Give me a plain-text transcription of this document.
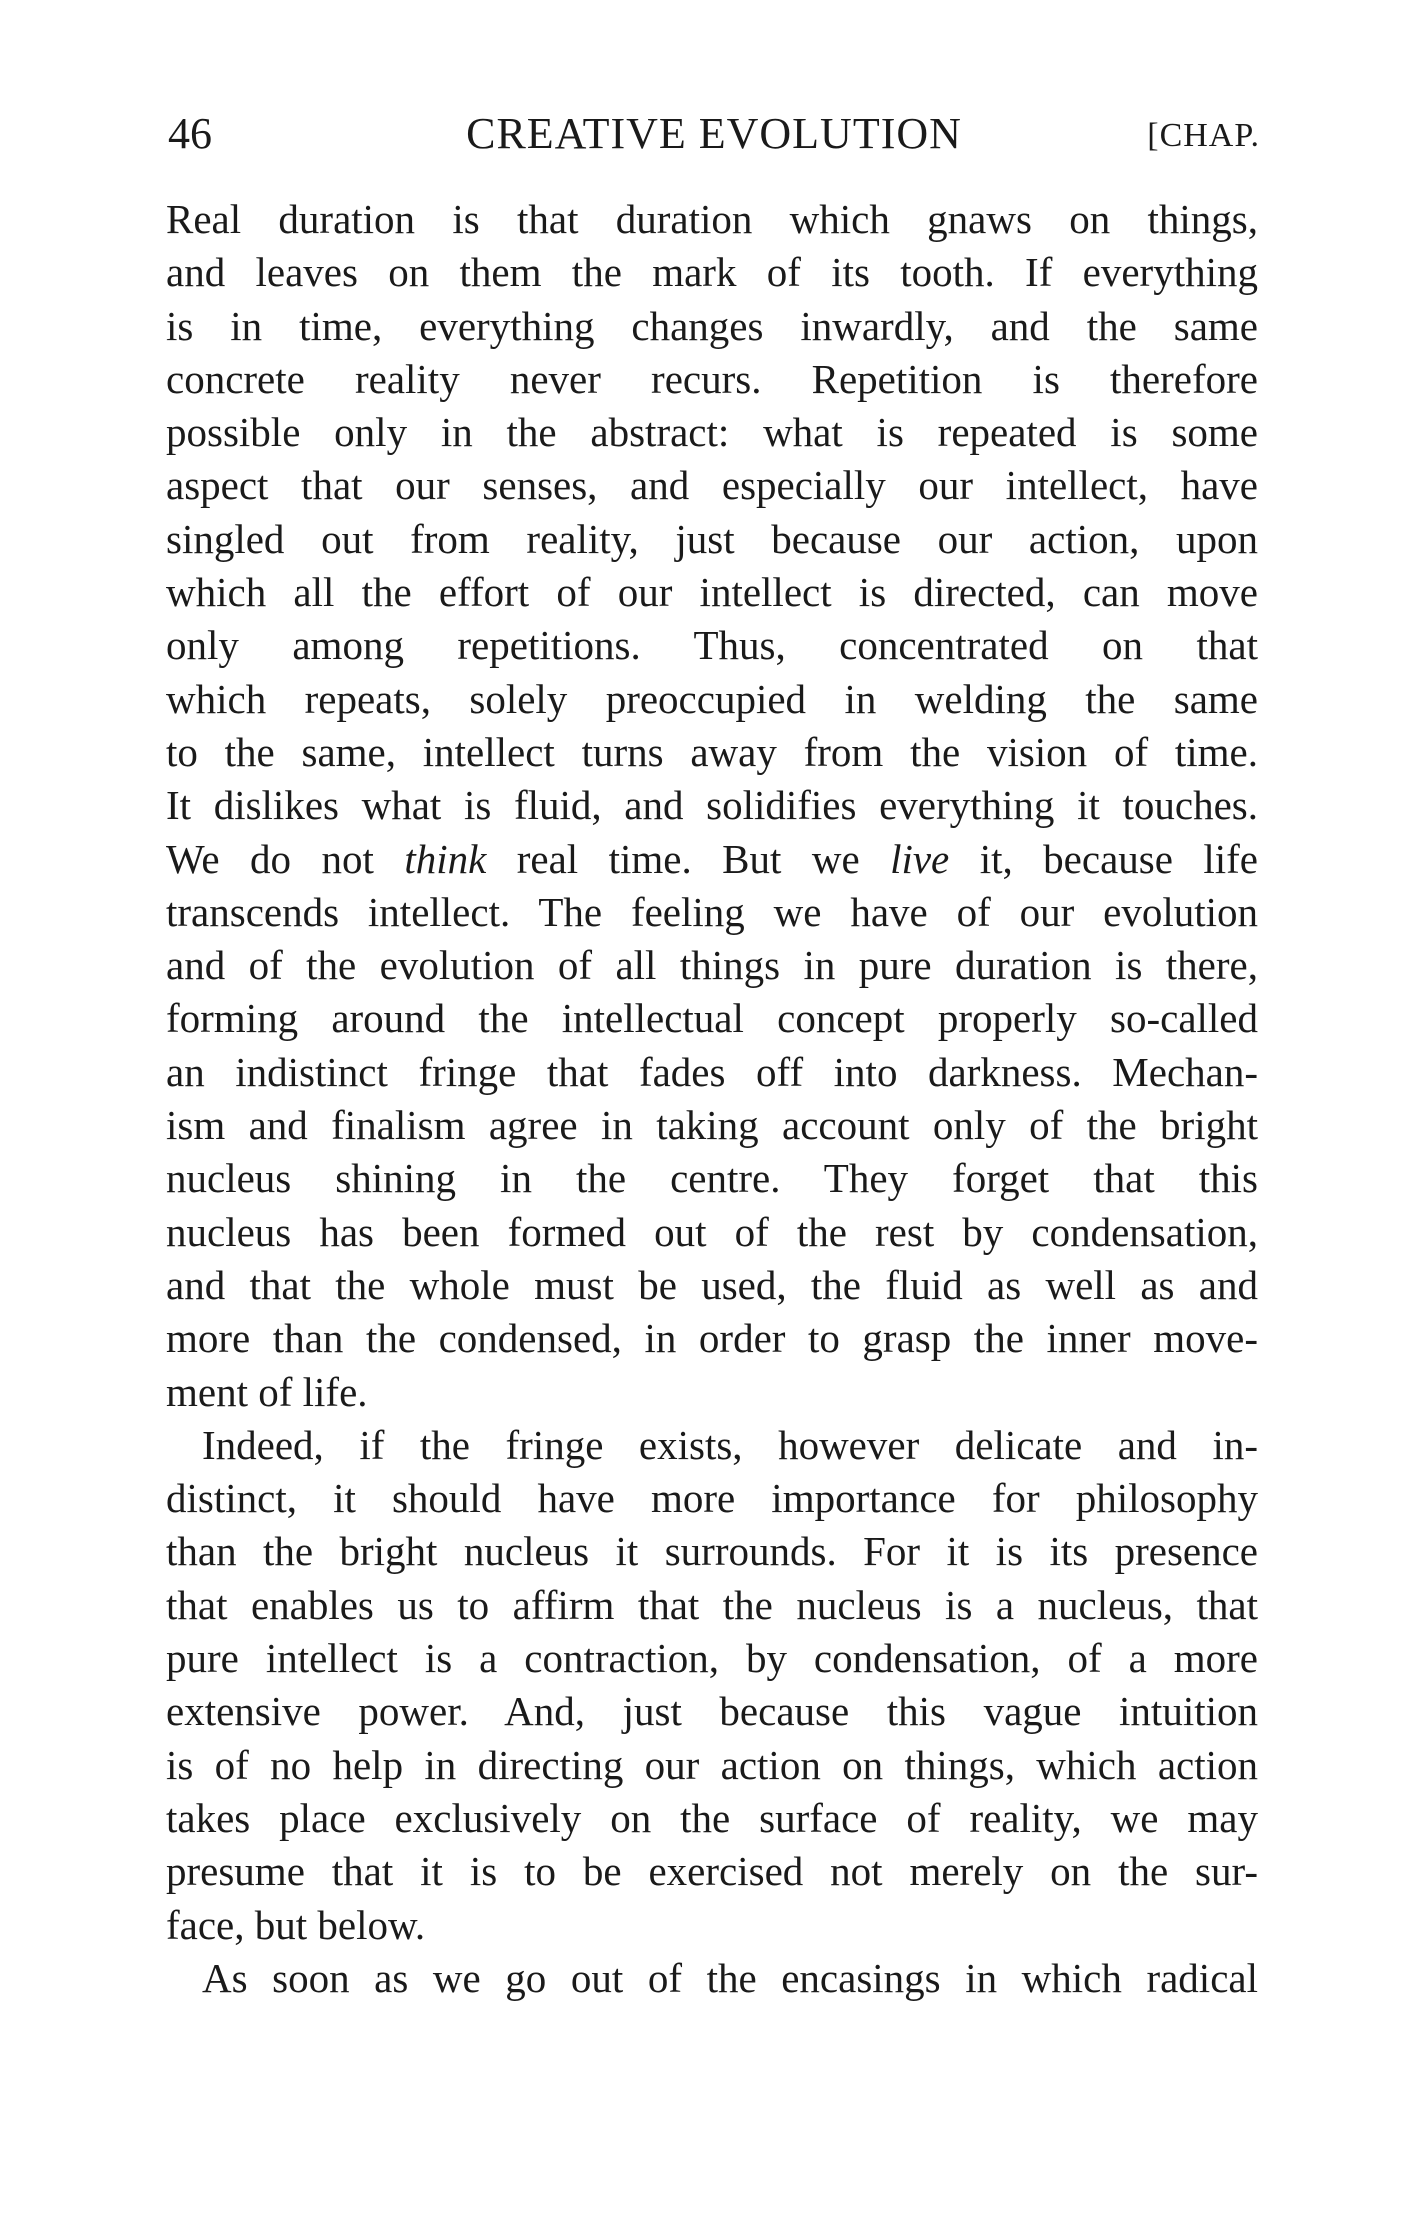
46	CREATIVE EVOLUTION	[CHAP.
Real duration is that duration which gnaws on things,
and leaves on them the mark of its tooth. If everything
is in time, everything changes inwardly, and the same
concrete reality never recurs. Repetition is therefore
possible only in the abstract: what is repeated is some
aspect that our senses, and especially our intellect, have
singled out from reality, just because our action, upon
which all the effort of our intellect is directed, can move
only among repetitions. Thus, concentrated on that
which repeats, solely preoccupied in welding the same
to the same, intellect turns away from the vision of time.
It dislikes what is fluid, and solidifies everything it touches.
We do not think real time. But we live it, because life
transcends intellect. The feeling we have of our evolution
and of the evolution of all things in pure duration is there,
forming around the intellectual concept properly so-called
an indistinct fringe that fades off into darkness. Mechan-
ism and finalism agree in taking account only of the bright
nucleus shining in the centre. They forget that this
nucleus has been formed out of the rest by condensation,
and that the whole must be used, the fluid as well as and
more than the condensed, in order to grasp the inner move-
ment of life.
Indeed, if the fringe exists, however delicate and in-
distinct, it should have more importance for philosophy
than the bright nucleus it surrounds. For it is its presence
that enables us to affirm that the nucleus is a nucleus, that
pure intellect is a contraction, by condensation, of a more
extensive power. And, just because this vague intuition
is of no help in directing our action on things, which action
takes place exclusively on the surface of reality, we may
presume that it is to be exercised not merely on the sur-
face, but below.
As soon as we go out of the encasings in which radical
